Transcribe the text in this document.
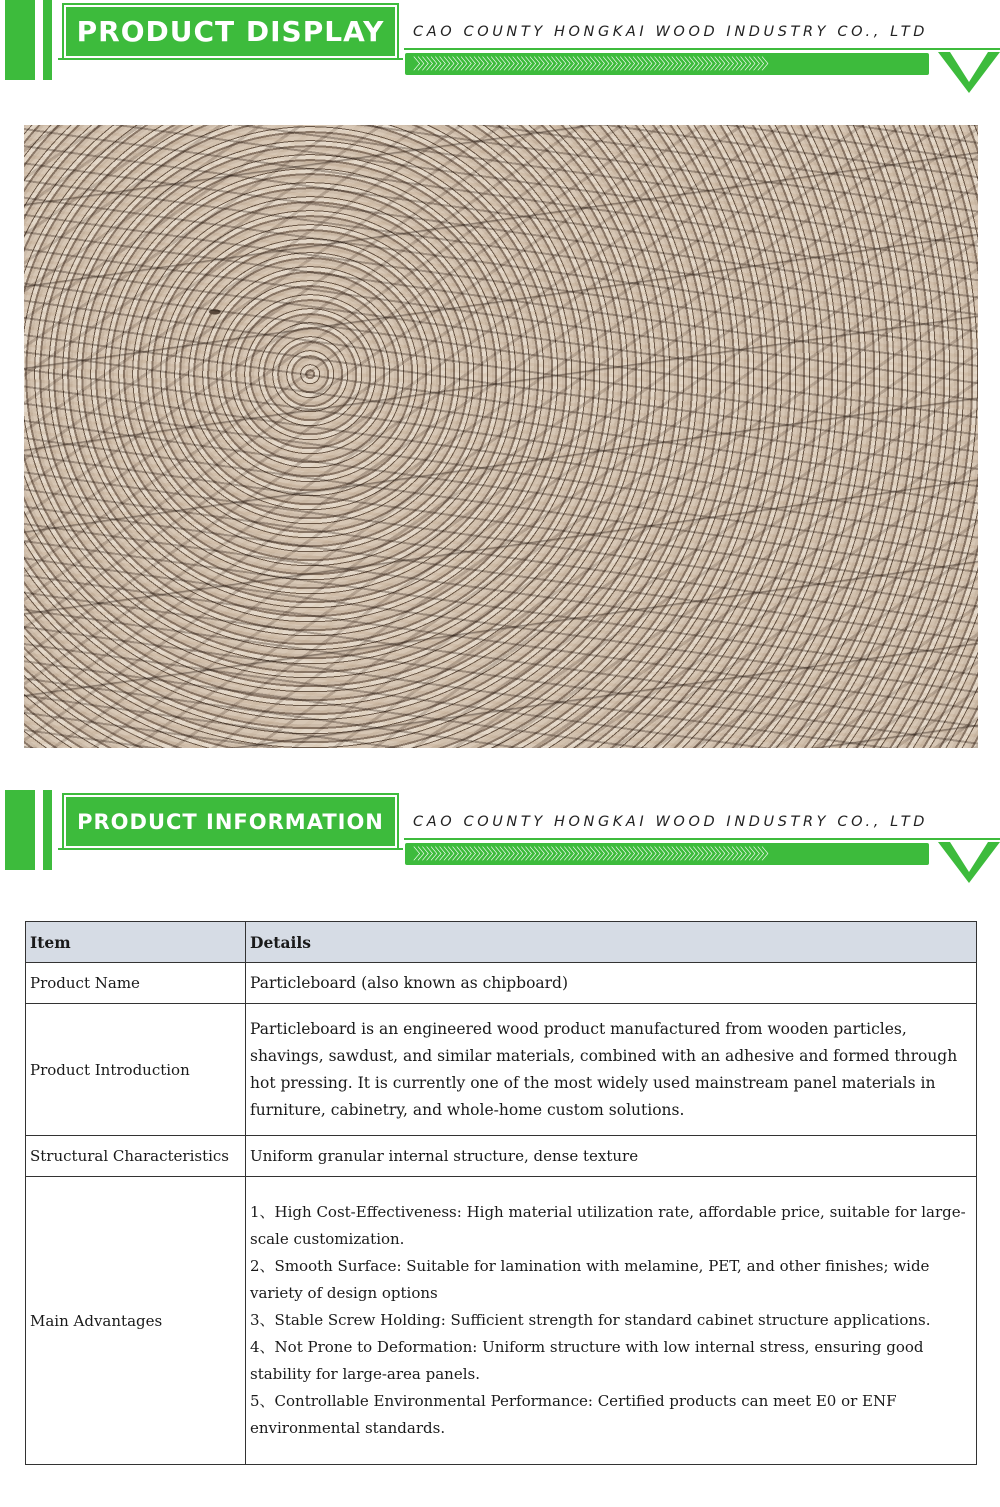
PRODUCT DISPLAY CAO COUNTY HONGKAI WOOD INDUSTRY CO., LTD
〉〉〉〉〉〉〉〉〉〉〉〉〉〉〉〉〉〉〉〉〉〉〉〉〉〉〉〉〉〉〉〉〉〉〉〉〉〉〉〉〉〉〉〉〉〉〉〉〉〉〉〉〉〉〉〉〉〉〉〉〉〉〉〉〉〉〉〉〉〉〉〉〉〉〉〉〉〉〉〉〉〉
PRODUCT INFORMATION CAO COUNTY HONGKAI WOOD INDUSTRY CO., LTD
〉〉〉〉〉〉〉〉〉〉〉〉〉〉〉〉〉〉〉〉〉〉〉〉〉〉〉〉〉〉〉〉〉〉〉〉〉〉〉〉〉〉〉〉〉〉〉〉〉〉〉〉〉〉〉〉〉〉〉〉〉〉〉〉〉〉〉〉〉〉〉〉〉〉〉〉〉〉〉〉〉〉
Item	Details
Product Name	Particleboard (also known as chipboard)
Product Introduction	Particleboard is an engineered wood product manufactured from wooden particles, shavings, sawdust, and similar materials, combined with an adhesive and formed through hot pressing. It is currently one of the most widely used mainstream panel materials in furniture, cabinetry, and whole-home custom solutions.
Structural Characteristics	Uniform granular internal structure, dense texture
Main Advantages	1、High Cost-Effectiveness: High material utilization rate, affordable price, suitable for large-scale customization.
2、Smooth Surface: Suitable for lamination with melamine, PET, and other finishes; wide variety of design options
3、Stable Screw Holding: Sufficient strength for standard cabinet structure applications.
4、Not Prone to Deformation: Uniform structure with low internal stress, ensuring good stability for large-area panels.
5、Controllable Environmental Performance: Certified products can meet E0 or ENF environmental standards.
